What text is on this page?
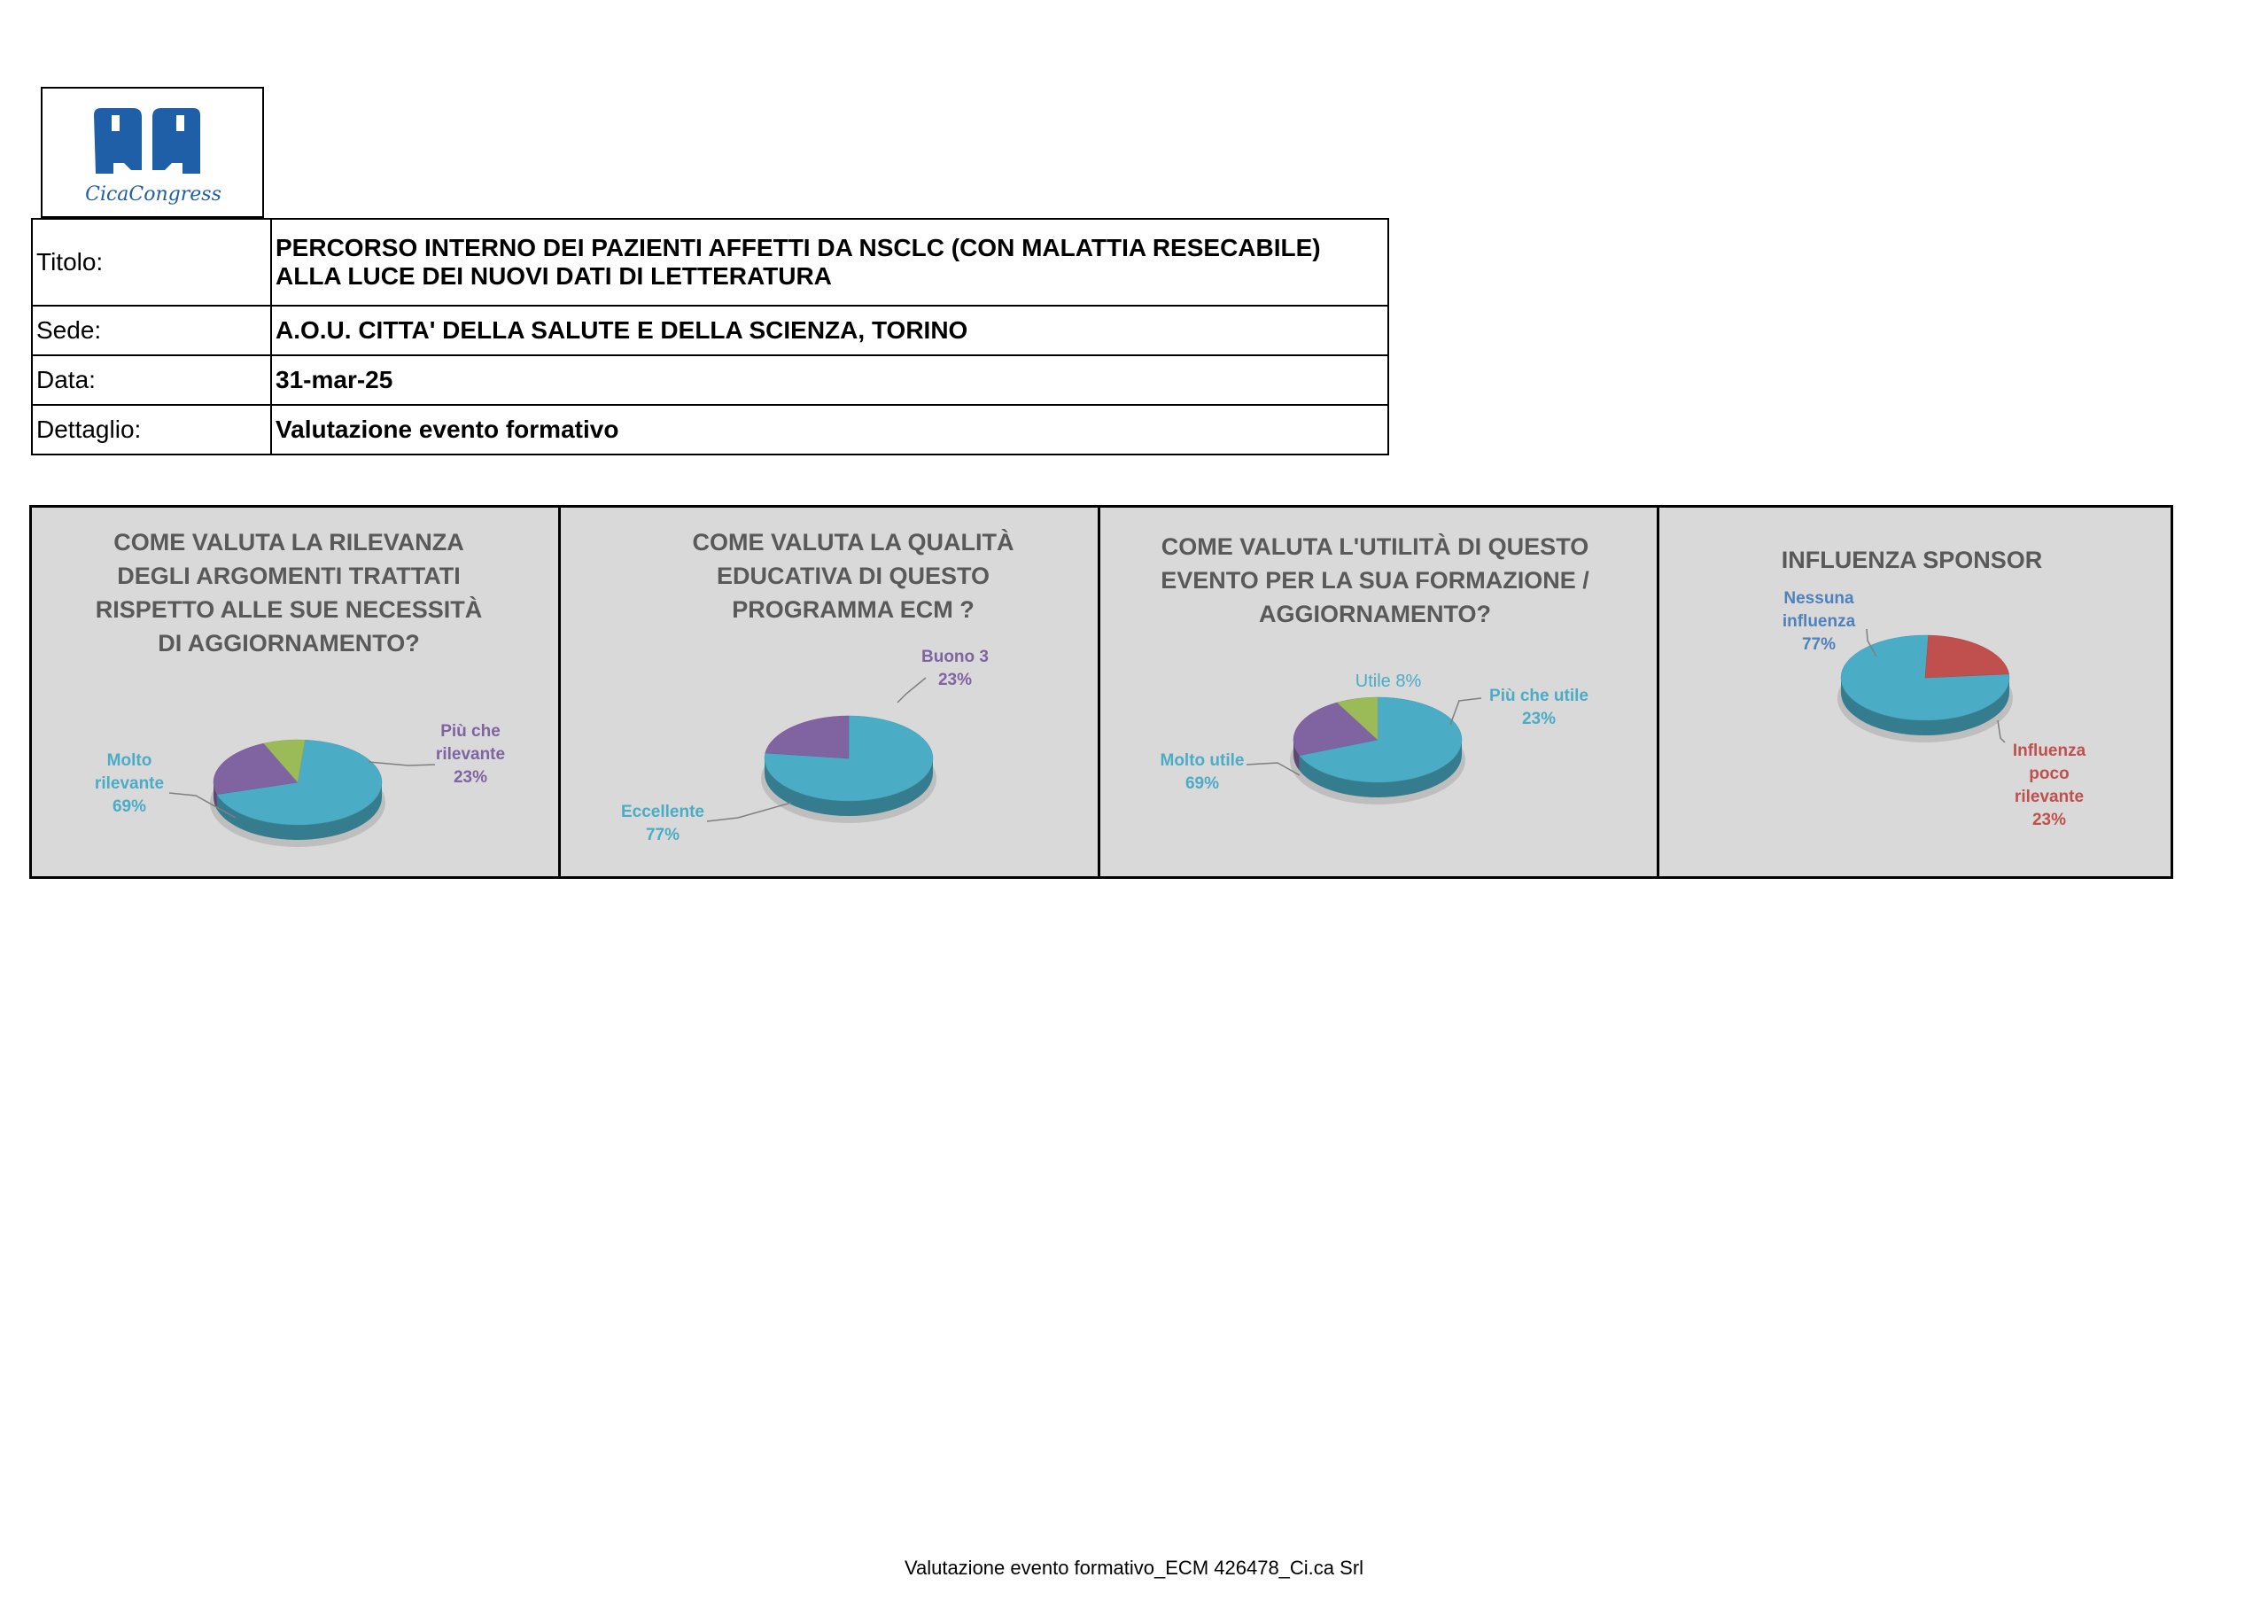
CicaCongress
Titolo:	PERCORSO INTERNO DEI PAZIENTI AFFETTI DA NSCLC (CON MALATTIA RESECABILE) ALLA LUCE DEI NUOVI DATI DI LETTERATURA
Sede:	A.O.U. CITTA' DELLA SALUTE E DELLA SCIENZA, TORINO
Data:	31-mar-25
Dettaglio:	Valutazione evento formativo
COME VALUTA LA RILEVANZA DEGLI ARGOMENTI TRATTATI RISPETTO ALLE SUE NECESSITÀ DI AGGIORNAMENTO?
Molto rilevante
69%
Più che rilevante
23%
COME VALUTA LA QUALITÀ EDUCATIVA DI QUESTO PROGRAMMA ECM ?
Eccellente
77%
Buono 3
23%
COME VALUTA L'UTILITÀ DI QUESTO EVENTO PER LA SUA FORMAZIONE / AGGIORNAMENTO?
Molto utile
69%
Più che utile
23%
Utile 8%
INFLUENZA SPONSOR
Nessuna influenza
77%
Influenza poco rilevante
23%
Valutazione evento formativo_ECM 426478_Ci.ca Srl
